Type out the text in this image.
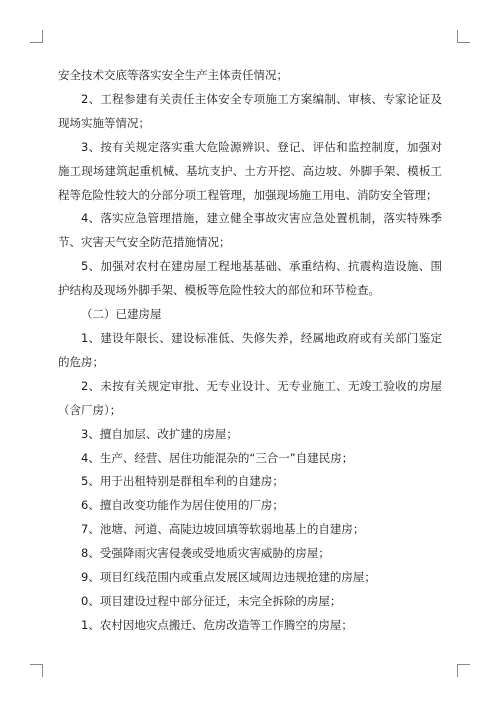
安全技术交底等落实安全生产主体责任情况；

2、工程参建有关责任主体安全专项施工方案编制、审核、专家论证及现场实施等情况；

3、按有关规定落实重大危险源辨识、登记、评估和监控制度，加强对施工现场建筑起重机械、基坑支护、土方开挖、高边坡、外脚手架、模板工程等危险性较大的分部分项工程管理，加强现场施工用电、消防安全管理；

4、落实应急管理措施，建立健全事故灾害应急处置机制，落实特殊季节、灾害天气安全防范措施情况；

5、加强对农村在建房屋工程地基基础、承重结构、抗震构造设施、围护结构及现场外脚手架、模板等危险性较大的部位和环节检查。

（二）已建房屋

1、建设年限长、建设标准低、失修失养，经属地政府或有关部门鉴定的危房；

2、未按有关规定审批、无专业设计、无专业施工、无竣工验收的房屋（含厂房）；

3、擅自加层、改扩建的房屋；

4、生产、经营、居住功能混杂的“三合一”自建民房；

5、用于出租特别是群租牟利的自建房；

6、擅自改变功能作为居住使用的厂房；

7、池塘、河道、高陡边坡回填等软弱地基上的自建房；

8、受强降雨灾害侵袭或受地质灾害威胁的房屋；

9、项目红线范围内或重点发展区域周边违规抢建的房屋；

0、项目建设过程中部分征迁，未完全拆除的房屋；

1、农村因地灾点搬迁、危房改造等工作腾空的房屋；
